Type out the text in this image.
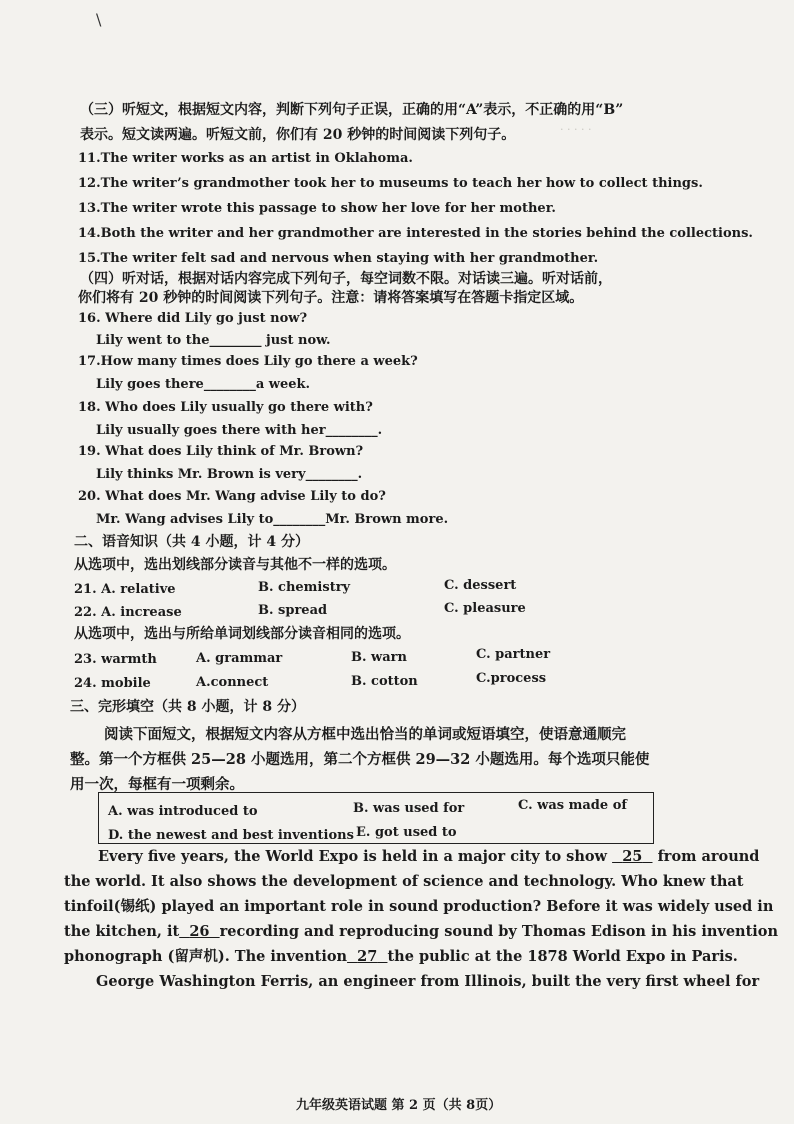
\
. . . . .
（三）听短文，根据短文内容，判断下列句子正误，正确的用“A”表示，不正确的用“B”
表示。短文读两遍。听短文前，你们有 20 秒钟的时间阅读下列句子。
11.The writer works as an artist in Oklahoma.
12.The writer’s grandmother took her to museums to teach her how to collect things.
13.The writer wrote this passage to show her love for her mother.
14.Both the writer and her grandmother are interested in the stories behind the collections.
15.The writer felt sad and nervous when staying with her grandmother.
（四）听对话，根据对话内容完成下列句子，每空词数不限。对话读三遍。听对话前，
你们将有 20 秒钟的时间阅读下列句子。注意：请将答案填写在答题卡指定区域。
16. Where did Lily go just now?
Lily went to the________ just now.
17.How many times does Lily go there a week?
Lily goes there________a week.
18. Who does Lily usually go there with?
Lily usually goes there with her________.
19. What does Lily think of Mr. Brown?
Lily thinks Mr. Brown is very________.
20. What does Mr. Wang advise Lily to do?
Mr. Wang advises Lily to________Mr. Brown more.
二、语音知识（共 4 小题，计 4 分）
从选项中，选出划线部分读音与其他不一样的选项。
21. A. relative	B. chemistry	C. dessert
22. A. increase	B. spread	C. pleasure
从选项中，选出与所给单词划线部分读音相同的选项。
23. warmth	A. grammar	B. warn	C. partner
24. mobile	A.connect	B. cotton	C.process
三、完形填空（共 8 小题，计 8 分）
阅读下面短文，根据短文内容从方框中选出恰当的单词或短语填空，使语意通顺完
整。第一个方框供 25—28 小题选用，第二个方框供 29—32 小题选用。每个选项只能使
用一次，每框有一项剩余。
A. was introduced to	B. was used for	C. was made of
D. the newest and best inventions E. got used to
Every five years, the World Expo is held in a major city to show 25 from around
the world. It also shows the development of science and technology. Who knew that
tinfoil(锡纸) played an important role in sound production? Before it was widely used in
the kitchen, it 26 recording and reproducing sound by Thomas Edison in his invention
phonograph (留声机). The invention 27 the public at the 1878 World Expo in Paris.
George Washington Ferris, an engineer from Illinois, built the very first wheel for
九年级英语试题 第 2 页（共 8页）
